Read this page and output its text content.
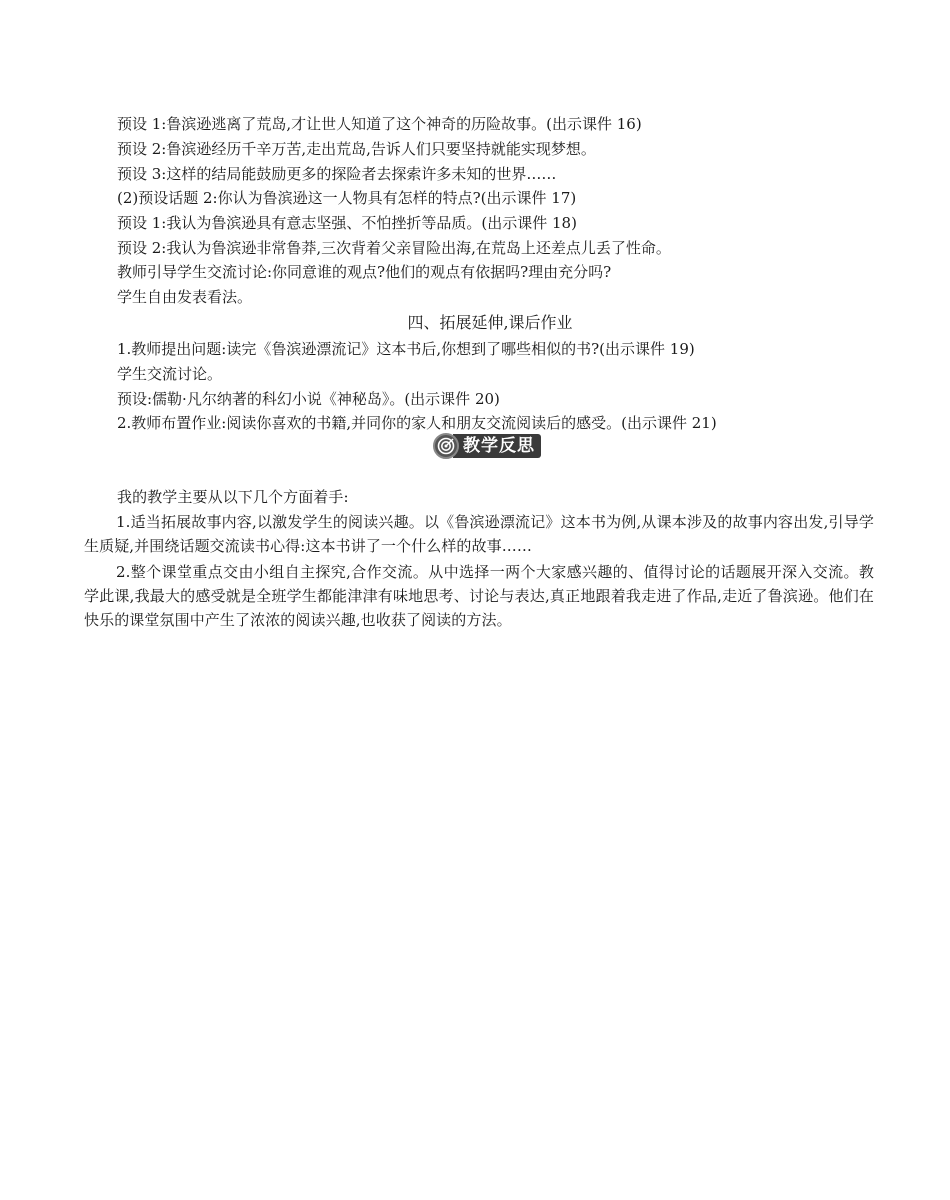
预设 1:鲁滨逊逃离了荒岛,才让世人知道了这个神奇的历险故事。(出示课件 16)
预设 2:鲁滨逊经历千辛万苦,走出荒岛,告诉人们只要坚持就能实现梦想。
预设 3:这样的结局能鼓励更多的探险者去探索许多未知的世界……
(2)预设话题 2:你认为鲁滨逊这一人物具有怎样的特点?(出示课件 17)
预设 1:我认为鲁滨逊具有意志坚强、不怕挫折等品质。(出示课件 18)
预设 2:我认为鲁滨逊非常鲁莽,三次背着父亲冒险出海,在荒岛上还差点儿丢了性命。
教师引导学生交流讨论:你同意谁的观点?他们的观点有依据吗?理由充分吗?
学生自由发表看法。
四、拓展延伸,课后作业
1.教师提出问题:读完《鲁滨逊漂流记》这本书后,你想到了哪些相似的书?(出示课件 19)
学生交流讨论。
预设:儒勒·凡尔纳著的科幻小说《神秘岛》。(出示课件 20)
2.教师布置作业:阅读你喜欢的书籍,并同你的家人和朋友交流阅读后的感受。(出示课件 21)
教学反思
我的教学主要从以下几个方面着手:
1.适当拓展故事内容,以激发学生的阅读兴趣。以《鲁滨逊漂流记》这本书为例,从课本涉及的故事内容出发,引导学生质疑,并围绕话题交流读书心得:这本书讲了一个什么样的故事……
2.整个课堂重点交由小组自主探究,合作交流。从中选择一两个大家感兴趣的、值得讨论的话题展开深入交流。教学此课,我最大的感受就是全班学生都能津津有味地思考、讨论与表达,真正地跟着我走进了作品,走近了鲁滨逊。他们在快乐的课堂氛围中产生了浓浓的阅读兴趣,也收获了阅读的方法。
